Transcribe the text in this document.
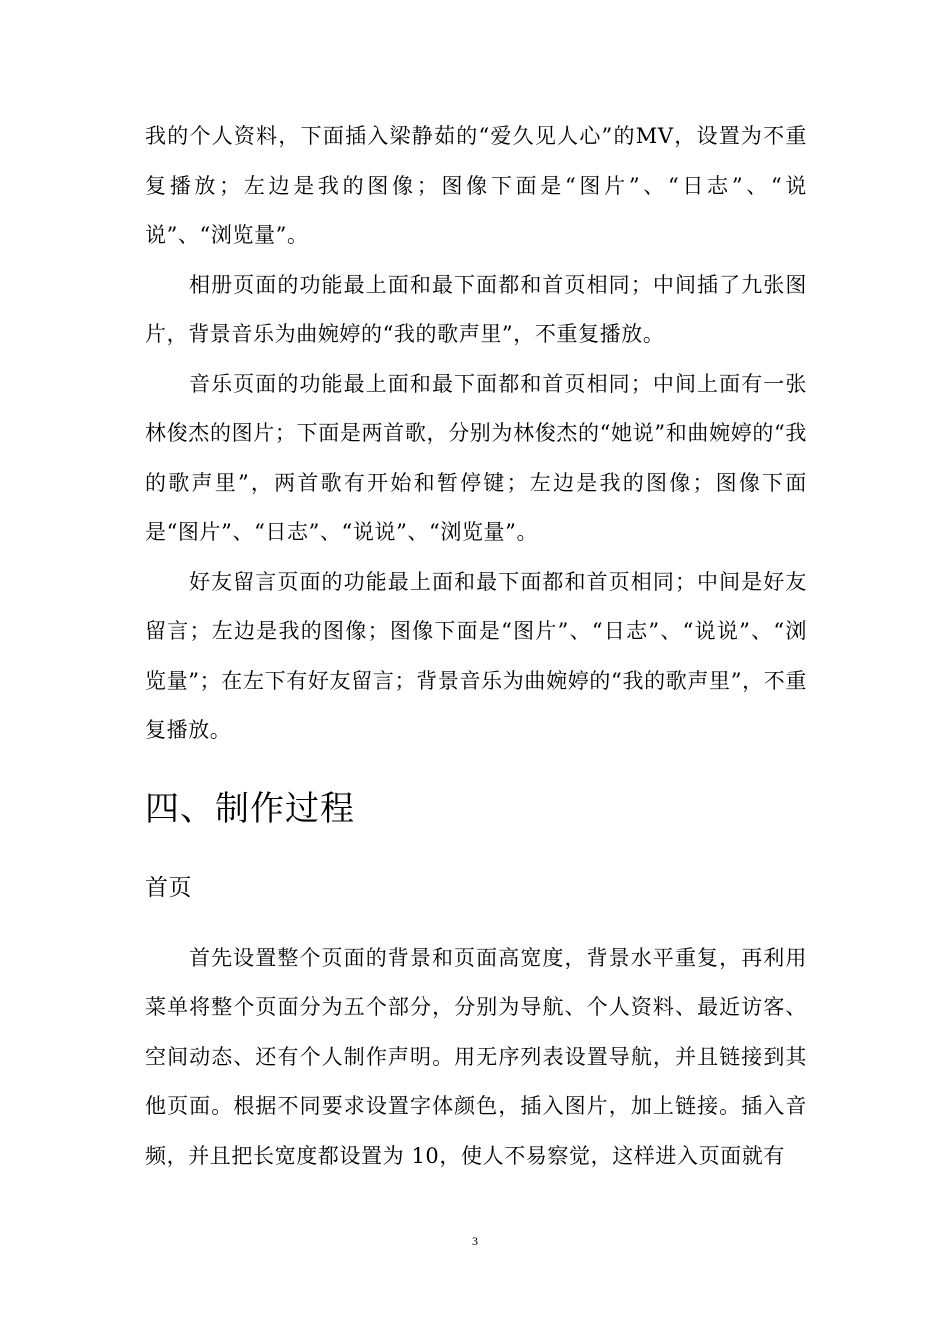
我的个人资料，下面插入梁静茹的“爱久见人心”的MV，设置为不重复播放；左边是我的图像；图像下面是“图片”、“日志”、“说说”、“浏览量”。

相册页面的功能最上面和最下面都和首页相同；中间插了九张图片，背景音乐为曲婉婷的“我的歌声里”，不重复播放。

音乐页面的功能最上面和最下面都和首页相同；中间上面有一张林俊杰的图片；下面是两首歌，分别为林俊杰的“她说”和曲婉婷的“我的歌声里”，两首歌有开始和暂停键；左边是我的图像；图像下面是“图片”、“日志”、“说说”、“浏览量”。

好友留言页面的功能最上面和最下面都和首页相同；中间是好友留言；左边是我的图像；图像下面是“图片”、“日志”、“说说”、“浏览量”；在左下有好友留言；背景音乐为曲婉婷的“我的歌声里”，不重复播放。

四、制作过程
首页

首先设置整个页面的背景和页面高宽度，背景水平重复，再利用菜单将整个页面分为五个部分，分别为导航、个人资料、最近访客、空间动态、还有个人制作声明。用无序列表设置导航，并且链接到其他页面。根据不同要求设置字体颜色，插入图片，加上链接。插入音频，并且把长宽度都设置为 10，使人不易察觉，这样进入页面就有

3
